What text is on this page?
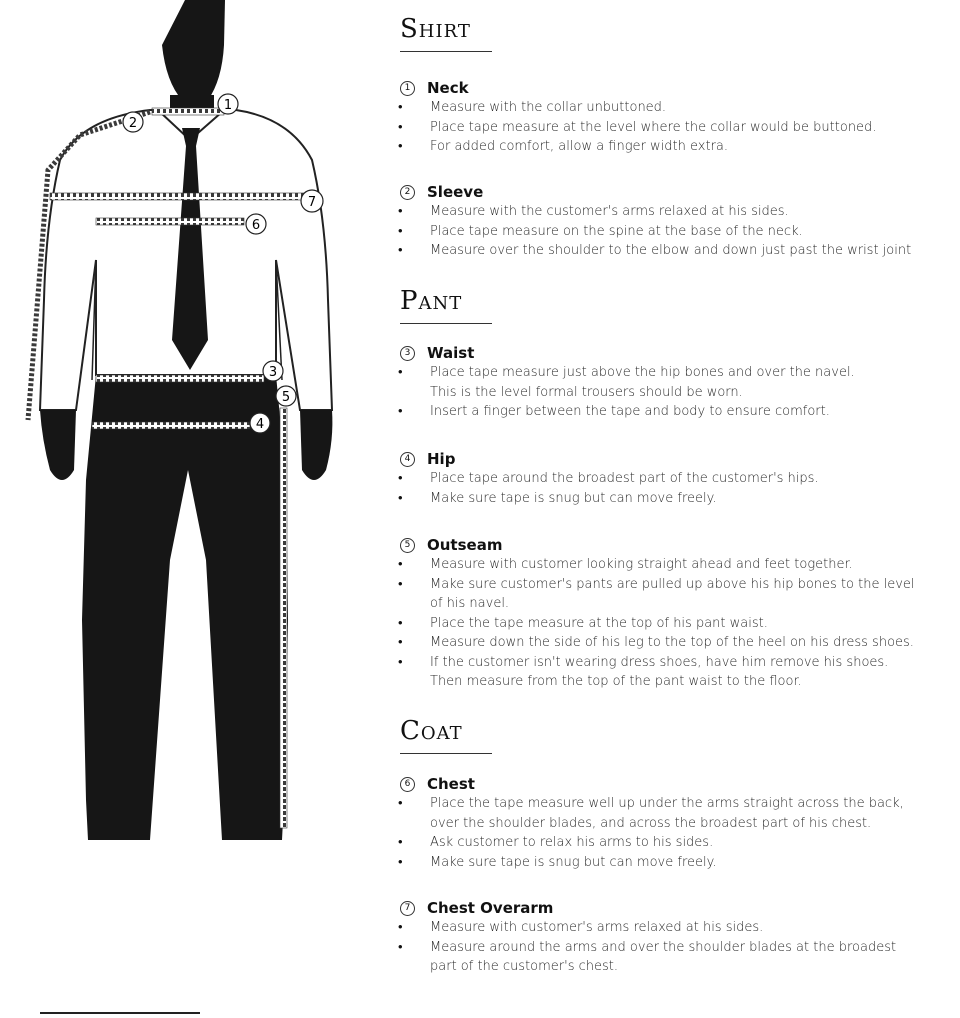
1
2
3
4
5
6
7
Shirt
1	Neck
• Measure with the collar unbuttoned.
• Place tape measure at the level where the collar would be buttoned.
• For added comfort, allow a finger width extra.
2	Sleeve
• Measure with the customer's arms relaxed at his sides.
• Place tape measure on the spine at the base of the neck.
• Measure over the shoulder to the elbow and down just past the wrist joint
Pant
3	Waist
• Place tape measure just above the hip bones and over the navel.
This is the level formal trousers should be worn.
• Insert a finger between the tape and body to ensure comfort.
4	Hip
• Place tape around the broadest part of the customer's hips.
• Make sure tape is snug but can move freely.
5	Outseam
• Measure with customer looking straight ahead and feet together.
• Make sure customer's pants are pulled up above his hip bones to the level
of his navel.
• Place the tape measure at the top of his pant waist.
• Measure down the side of his leg to the top of the heel on his dress shoes.
• If the customer isn't wearing dress shoes, have him remove his shoes.
Then measure from the top of the pant waist to the floor.
Coat
6	Chest
• Place the tape measure well up under the arms straight across the back,
over the shoulder blades, and across the broadest part of his chest.
• Ask customer to relax his arms to his sides.
• Make sure tape is snug but can move freely.
7	Chest Overarm
• Measure with customer's arms relaxed at his sides.
• Measure around the arms and over the shoulder blades at the broadest
part of the customer's chest.
